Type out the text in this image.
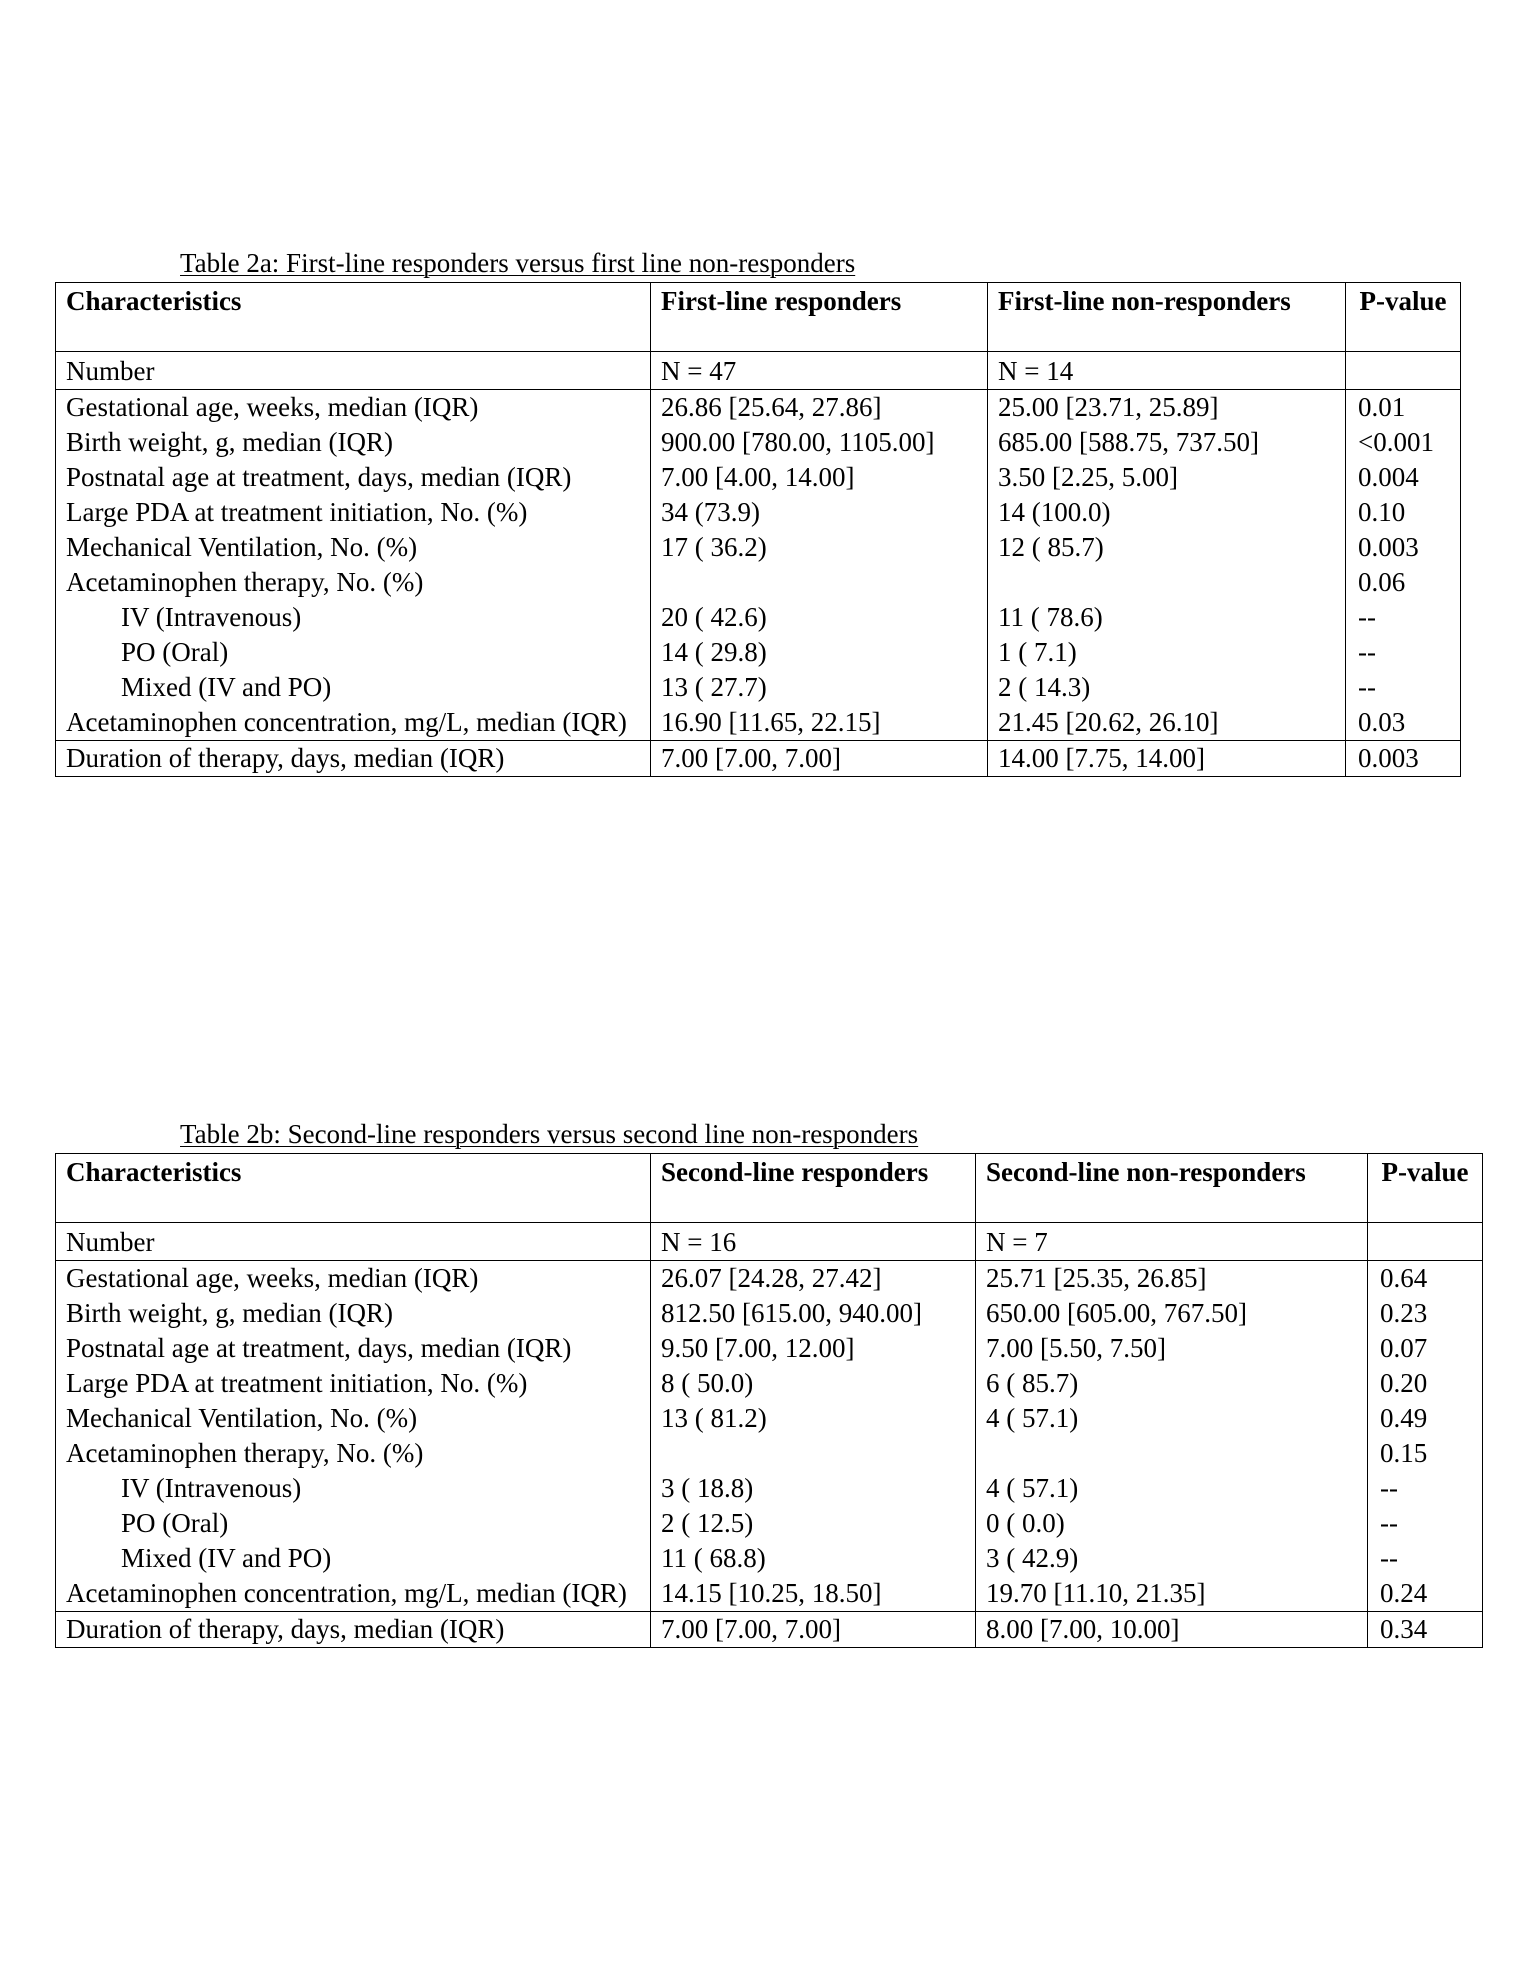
Table 2a: First-line responders versus first line non-responders
Characteristics	First-line responders	First-line non-responders	P-value
Number	N = 47	N = 14	
Gestational age, weeks, median (IQR)	26.86 [25.64, 27.86]	25.00 [23.71, 25.89]	0.01
Birth weight, g, median (IQR)	900.00 [780.00, 1105.00]	685.00 [588.75, 737.50]	<0.001
Postnatal age at treatment, days, median (IQR)	7.00 [4.00, 14.00]	3.50 [2.25, 5.00]	0.004
Large PDA at treatment initiation, No. (%)	34 (73.9)	14 (100.0)	0.10
Mechanical Ventilation, No. (%)	17 ( 36.2)	12 ( 85.7)	0.003
Acetaminophen therapy, No. (%)			0.06
IV (Intravenous)	20 ( 42.6)	11 ( 78.6)	--
PO (Oral)	14 ( 29.8)	1 ( 7.1)	--
Mixed (IV and PO)	13 ( 27.7)	2 ( 14.3)	--
Acetaminophen concentration, mg/L, median (IQR)	16.90 [11.65, 22.15]	21.45 [20.62, 26.10]	0.03
Duration of therapy, days, median (IQR)	7.00 [7.00, 7.00]	14.00 [7.75, 14.00]	0.003
Table 2b: Second-line responders versus second line non-responders
Characteristics	Second-line responders	Second-line non-responders	P-value
Number	N = 16	N = 7	
Gestational age, weeks, median (IQR)	26.07 [24.28, 27.42]	25.71 [25.35, 26.85]	0.64
Birth weight, g, median (IQR)	812.50 [615.00, 940.00]	650.00 [605.00, 767.50]	0.23
Postnatal age at treatment, days, median (IQR)	9.50 [7.00, 12.00]	7.00 [5.50, 7.50]	0.07
Large PDA at treatment initiation, No. (%)	8 ( 50.0)	6 ( 85.7)	0.20
Mechanical Ventilation, No. (%)	13 ( 81.2)	4 ( 57.1)	0.49
Acetaminophen therapy, No. (%)			0.15
IV (Intravenous)	3 ( 18.8)	4 ( 57.1)	--
PO (Oral)	2 ( 12.5)	0 ( 0.0)	--
Mixed (IV and PO)	11 ( 68.8)	3 ( 42.9)	--
Acetaminophen concentration, mg/L, median (IQR)	14.15 [10.25, 18.50]	19.70 [11.10, 21.35]	0.24
Duration of therapy, days, median (IQR)	7.00 [7.00, 7.00]	8.00 [7.00, 10.00]	0.34
